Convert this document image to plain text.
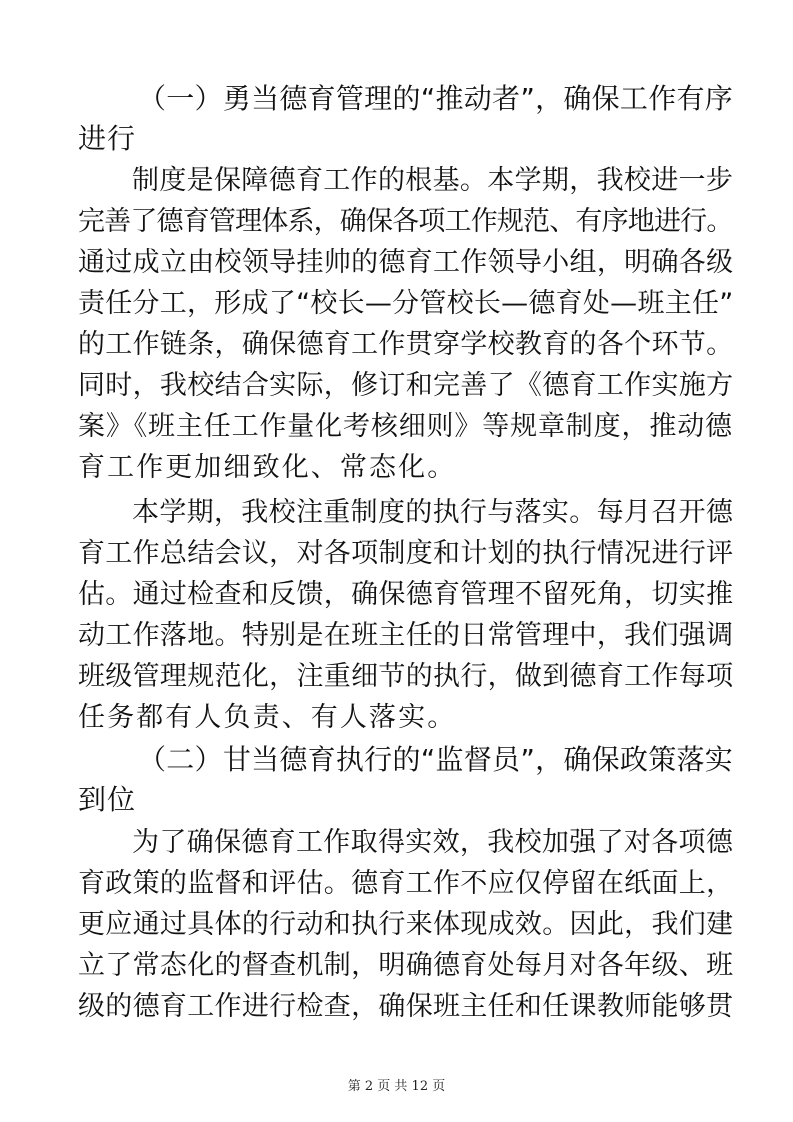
（一）勇当德育管理的“推动者”，确保工作有序
进行
制度是保障德育工作的根基。本学期，我校进一步
完善了德育管理体系，确保各项工作规范、有序地进行。
通过成立由校领导挂帅的德育工作领导小组，明确各级
责任分工，形成了“校长—分管校长—德育处—班主任”
的工作链条，确保德育工作贯穿学校教育的各个环节。
同时，我校结合实际，修订和完善了《德育工作实施方
案》《班主任工作量化考核细则》等规章制度，推动德
育工作更加细致化、常态化。
本学期，我校注重制度的执行与落实。每月召开德
育工作总结会议，对各项制度和计划的执行情况进行评
估。通过检查和反馈，确保德育管理不留死角，切实推
动工作落地。特别是在班主任的日常管理中，我们强调
班级管理规范化，注重细节的执行，做到德育工作每项
任务都有人负责、有人落实。
（二）甘当德育执行的“监督员”，确保政策落实
到位
为了确保德育工作取得实效，我校加强了对各项德
育政策的监督和评估。德育工作不应仅停留在纸面上，
更应通过具体的行动和执行来体现成效。因此，我们建
立了常态化的督查机制，明确德育处每月对各年级、班
级的德育工作进行检查，确保班主任和任课教师能够贯
第 2 页 共 12 页
